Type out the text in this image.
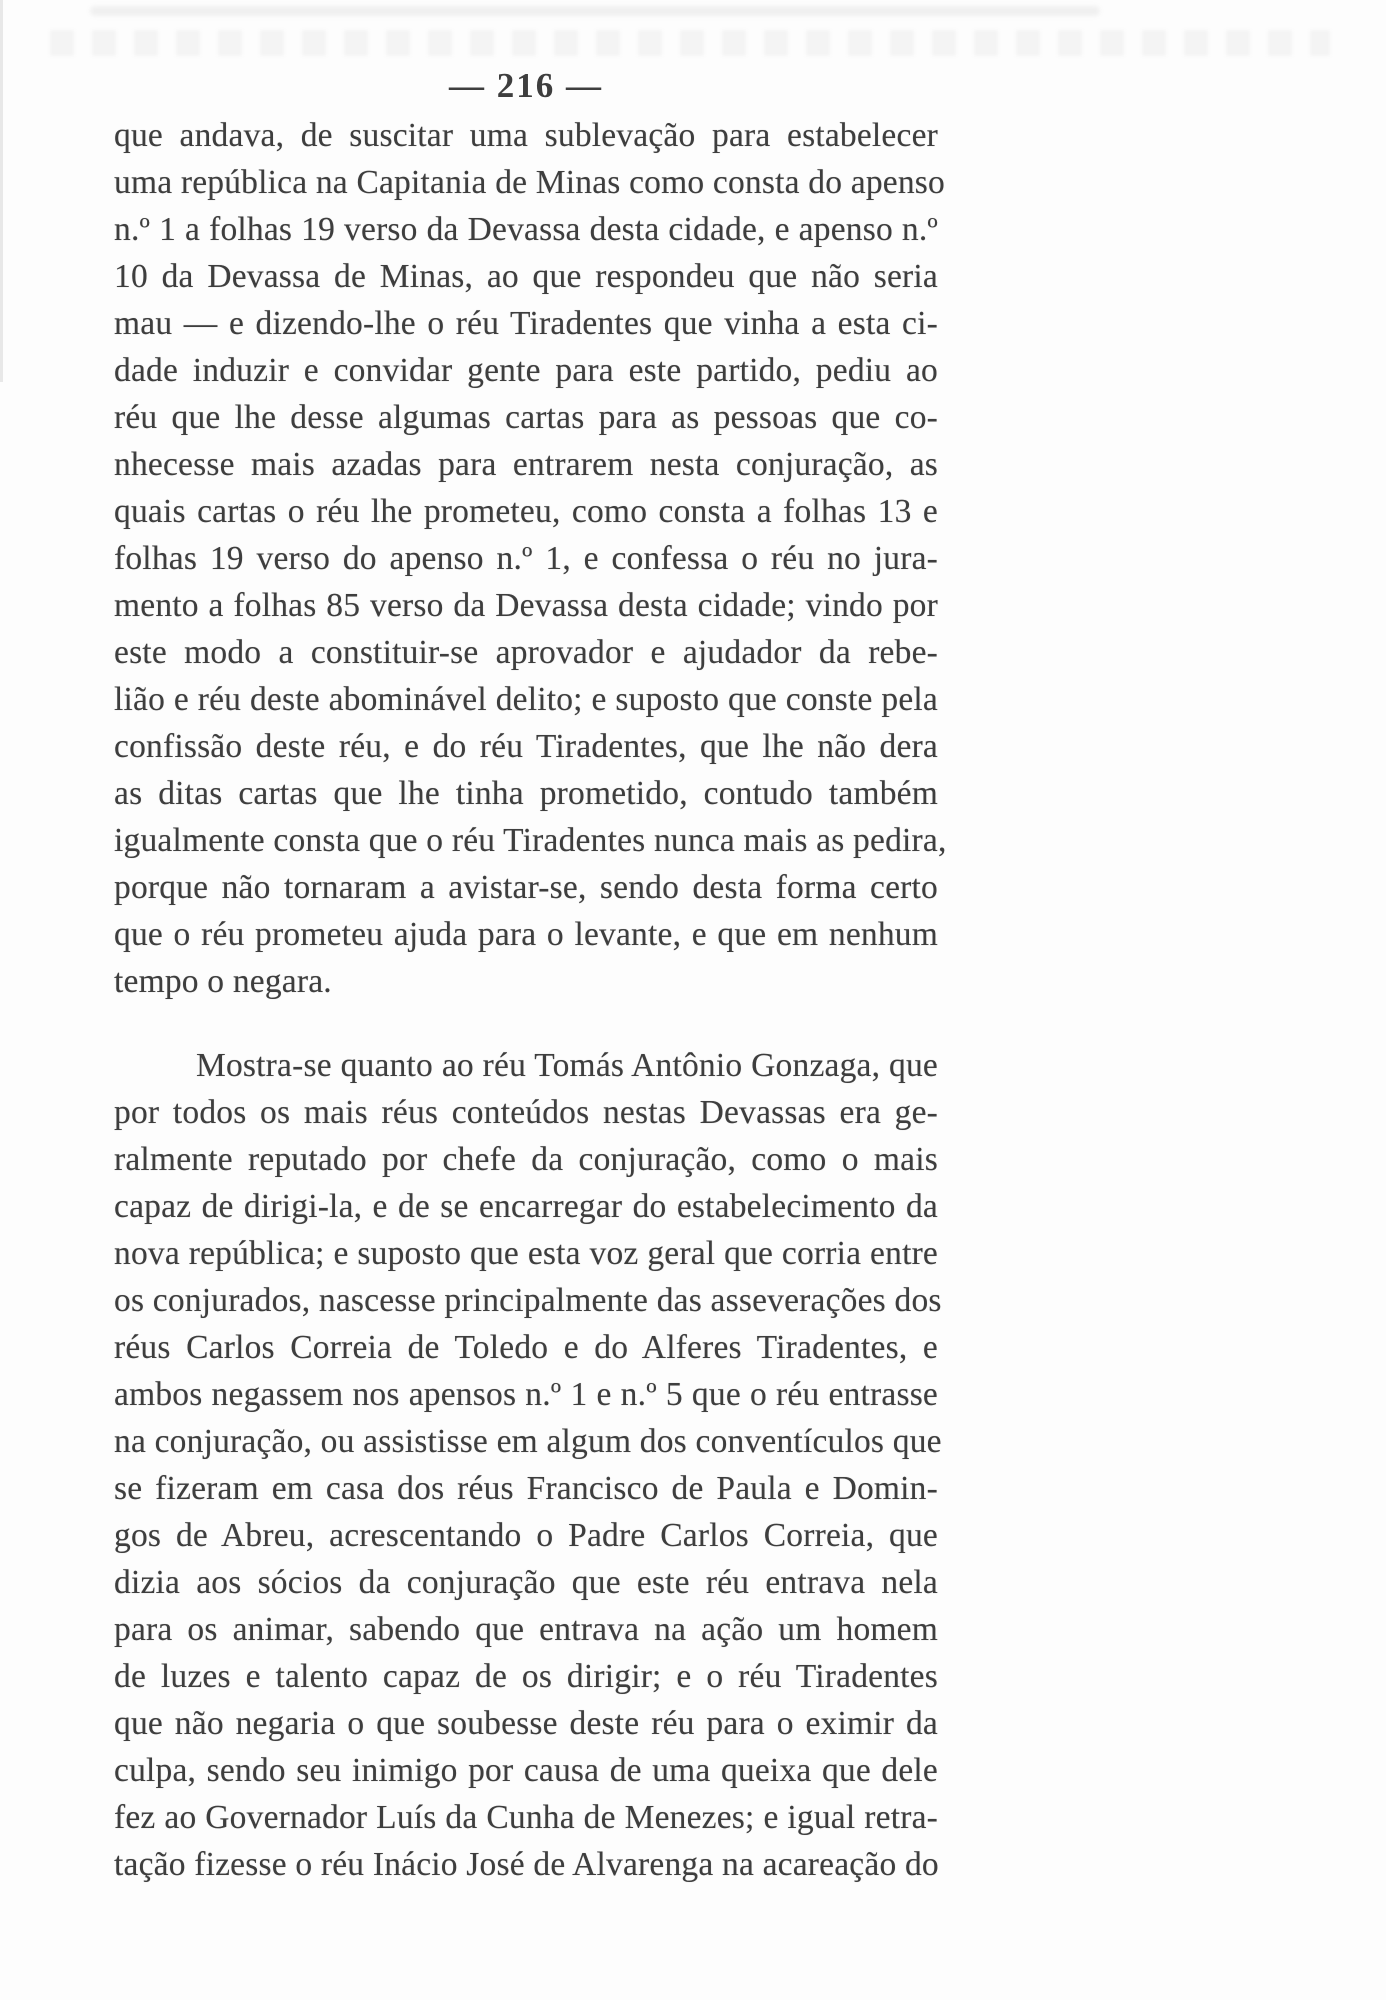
— 216 —
que andava, de suscitar uma sublevação para estabelecer
uma república na Capitania de Minas como consta do apenso
n.º 1 a folhas 19 verso da Devassa desta cidade, e apenso n.º
10 da Devassa de Minas, ao que respondeu que não seria
mau — e dizendo-lhe o réu Tiradentes que vinha a esta ci-
dade induzir e convidar gente para este partido, pediu ao
réu que lhe desse algumas cartas para as pessoas que co-
nhecesse mais azadas para entrarem nesta conjuração, as
quais cartas o réu lhe prometeu, como consta a folhas 13 e
folhas 19 verso do apenso n.º 1, e confessa o réu no jura-
mento a folhas 85 verso da Devassa desta cidade; vindo por
este modo a constituir-se aprovador e ajudador da rebe-
lião e réu deste abominável delito; e suposto que conste pela
confissão deste réu, e do réu Tiradentes, que lhe não dera
as ditas cartas que lhe tinha prometido, contudo também
igualmente consta que o réu Tiradentes nunca mais as pedira,
porque não tornaram a avistar-se, sendo desta forma certo
que o réu prometeu ajuda para o levante, e que em nenhum
tempo o negara.
Mostra-se quanto ao réu Tomás Antônio Gonzaga, que
por todos os mais réus conteúdos nestas Devassas era ge-
ralmente reputado por chefe da conjuração, como o mais
capaz de dirigi-la, e de se encarregar do estabelecimento da
nova república; e suposto que esta voz geral que corria entre
os conjurados, nascesse principalmente das asseverações dos
réus Carlos Correia de Toledo e do Alferes Tiradentes, e
ambos negassem nos apensos n.º 1 e n.º 5 que o réu entrasse
na conjuração, ou assistisse em algum dos conventículos que
se fizeram em casa dos réus Francisco de Paula e Domin-
gos de Abreu, acrescentando o Padre Carlos Correia, que
dizia aos sócios da conjuração que este réu entrava nela
para os animar, sabendo que entrava na ação um homem
de luzes e talento capaz de os dirigir; e o réu Tiradentes
que não negaria o que soubesse deste réu para o eximir da
culpa, sendo seu inimigo por causa de uma queixa que dele
fez ao Governador Luís da Cunha de Menezes; e igual retra-
tação fizesse o réu Inácio José de Alvarenga na acareação do
